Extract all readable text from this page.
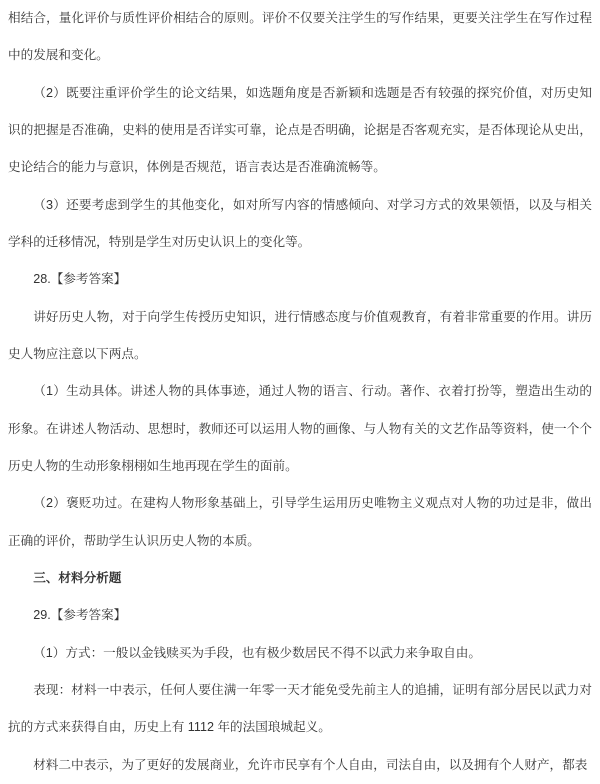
相结合，量化评价与质性评价相结合的原则。评价不仅要关注学生的写作结果，更要关注学生在写作过程中的发展和变化。

（2）既要注重评价学生的论文结果，如选题角度是否新颖和选题是否有较强的探究价值，对历史知识的把握是否准确，史料的使用是否详实可靠，论点是否明确，论据是否客观充实，是否体现论从史出，史论结合的能力与意识，体例是否规范，语言表达是否准确流畅等。

（3）还要考虑到学生的其他变化，如对所写内容的情感倾向、对学习方式的效果领悟，以及与相关学科的迁移情况，特别是学生对历史认识上的变化等。

28.【参考答案】

讲好历史人物，对于向学生传授历史知识，进行情感态度与价值观教育，有着非常重要的作用。讲历史人物应注意以下两点。

（1）生动具体。讲述人物的具体事迹，通过人物的语言、行动。著作、衣着打扮等，塑造出生动的形象。在讲述人物活动、思想时，教师还可以运用人物的画像、与人物有关的文艺作品等资料，使一个个历史人物的生动形象栩栩如生地再现在学生的面前。

（2）褒贬功过。在建构人物形象基础上，引导学生运用历史唯物主义观点对人物的功过是非，做出正确的评价，帮助学生认识历史人物的本质。

三、材料分析题

29.【参考答案】

（1）方式：一般以金钱赎买为手段，也有极少数居民不得不以武力来争取自由。

表现：材料一中表示，任何人要住满一年零一天才能免受先前主人的追捕，证明有部分居民以武力对抗的方式来获得自由，历史上有 1112 年的法国琅城起义。

材料二中表示，为了更好的发展商业，允许市民享有个人自由，司法自由，以及拥有个人财产，都表
